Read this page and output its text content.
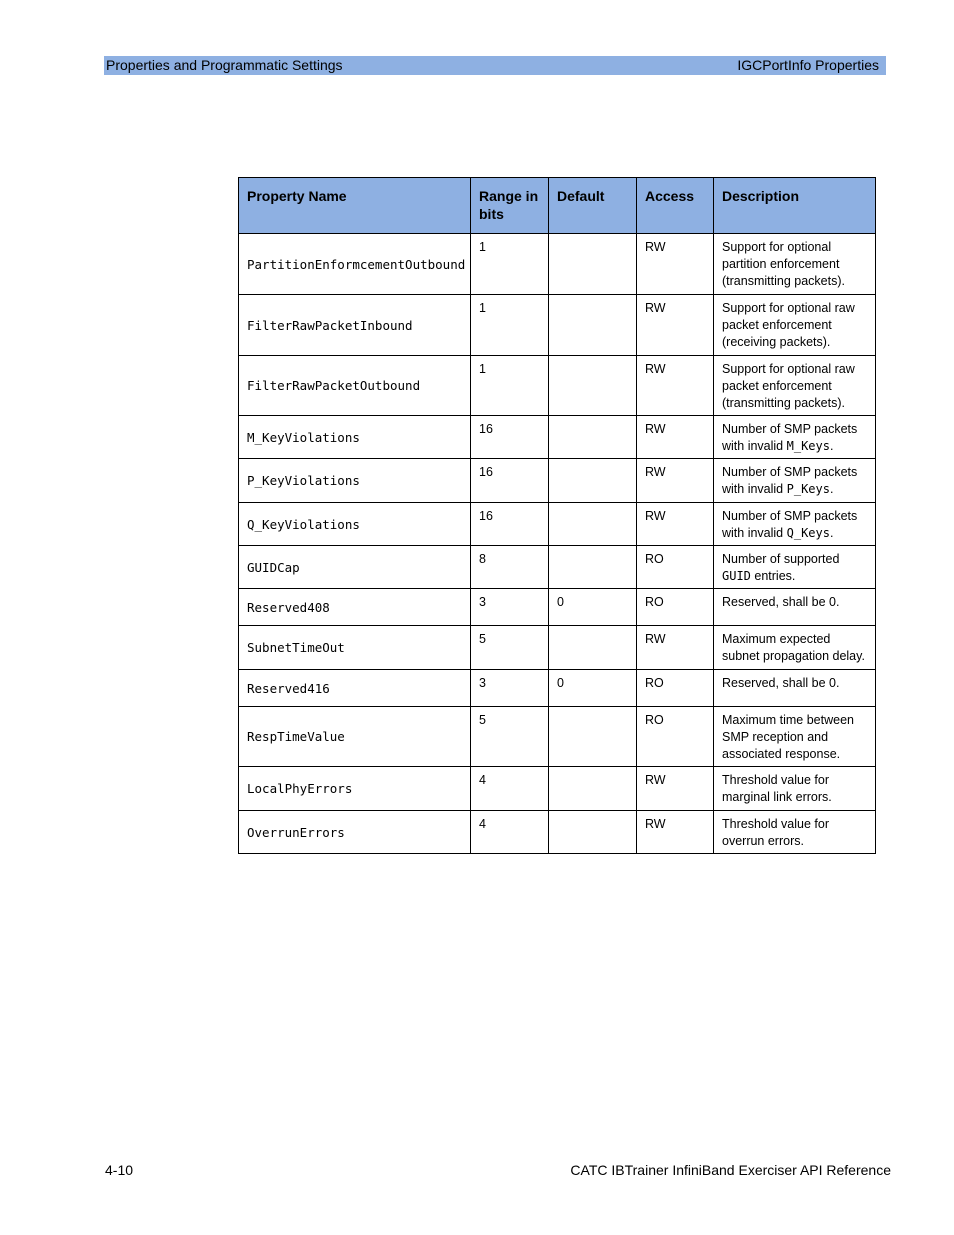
Properties and Programmatic Settings	IGCPortInfo Properties
Property Name	Range in bits	Default	Access	Description
PartitionEnformcementOutbound	1		RW	Support for optional partition enforcement (transmitting packets).
FilterRawPacketInbound	1		RW	Support for optional raw packet enforcement (receiving packets).
FilterRawPacketOutbound	1		RW	Support for optional raw packet enforcement (transmitting packets).
M_KeyViolations	16		RW	Number of SMP packets with invalid M_Keys.
P_KeyViolations	16		RW	Number of SMP packets with invalid P_Keys.
Q_KeyViolations	16		RW	Number of SMP packets with invalid Q_Keys.
GUIDCap	8		RO	Number of supported GUID entries.
Reserved408	3	0	RO	Reserved, shall be 0.
SubnetTimeOut	5		RW	Maximum expected subnet propagation delay.
Reserved416	3	0	RO	Reserved, shall be 0.
RespTimeValue	5		RO	Maximum time between SMP reception and associated response.
LocalPhyErrors	4		RW	Threshold value for marginal link errors.
OverrunErrors	4		RW	Threshold value for overrun errors.
4-10	CATC IBTrainer InfiniBand Exerciser API Reference
